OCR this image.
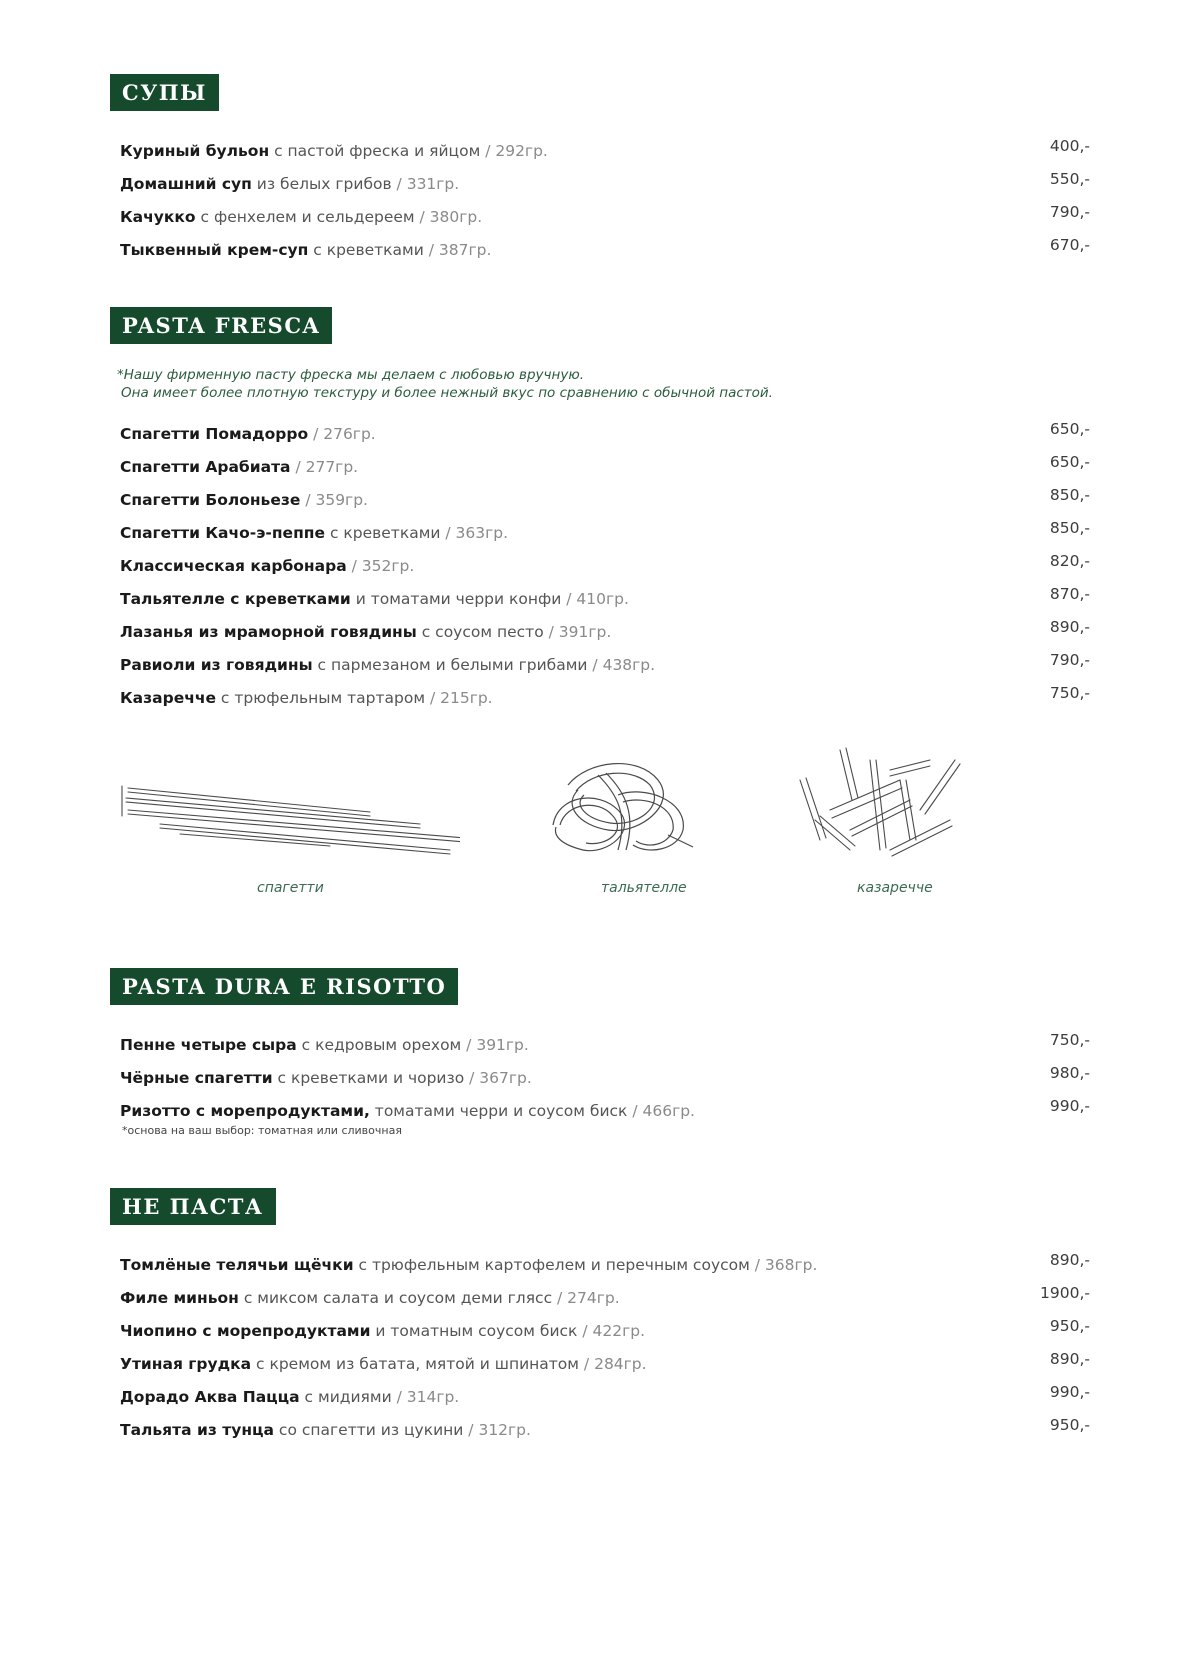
СУПЫ
Куриный бульон с пастой фреска и яйцом / 292гр.	400,-
Домашний суп из белых грибов / 331гр.	550,-
Качукко с фенхелем и сельдереем / 380гр.	790,-
Тыквенный крем-суп с креветками / 387гр.	670,-
PASTA FRESCA
*Нашу фирменную пасту фреска мы делаем с любовью вручную.
Она имеет более плотную текстуру и более нежный вкус по сравнению с обычной пастой.
Спагетти Помадорро / 276гр.	650,-
Спагетти Арабиата / 277гр.	650,-
Спагетти Болоньезе / 359гр.	850,-
Спагетти Качо-э-пеппе с креветками / 363гр.	850,-
Классическая карбонара / 352гр.	820,-
Тальятелле с креветками и томатами черри конфи / 410гр.	870,-
Лазанья из мраморной говядины с соусом песто / 391гр.	890,-
Равиоли из говядины с пармезаном и белыми грибами / 438гр.	790,-
Казаречче с трюфельным тартаром / 215гр.	750,-
спагетти	тальятелле	казаречче
PASTA DURA E RISOTTO
Пенне четыре сыра с кедровым орехом / 391гр.	750,-
Чёрные спагетти с креветками и чоризо / 367гр.	980,-
Ризотто с морепродуктами, томатами черри и соусом биск / 466гр.	990,-
*основа на ваш выбор: томатная или сливочная
НЕ ПАСТА
Томлёные телячьи щёчки с трюфельным картофелем и перечным соусом / 368гр.	890,-
Филе миньон с миксом салата и соусом деми глясс / 274гр.	1900,-
Чиопино с морепродуктами и томатным соусом биск / 422гр.	950,-
Утиная грудка с кремом из батата, мятой и шпинатом / 284гр.	890,-
Дорадо Аква Пацца с мидиями / 314гр.	990,-
Тальята из тунца со спагетти из цукини / 312гр.	950,-
